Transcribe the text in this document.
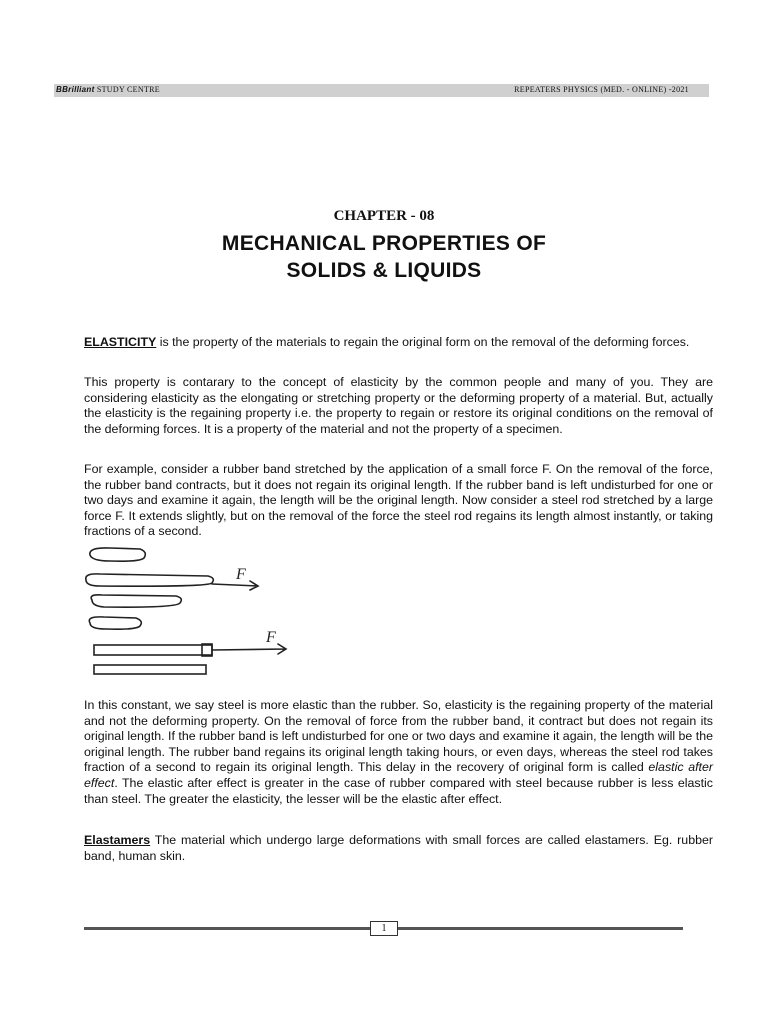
BBrilliant STUDY CENTRE	REPEATERS PHYSICS (MED. - ONLINE) -2021
CHAPTER - 08
MECHANICAL PROPERTIES OF
SOLIDS & LIQUIDS

ELASTICITY is the property of the materials to regain the original form on the removal of the deforming forces.

This property is contarary to the concept of elasticity by the common people and many of you. They are considering elasticity as the elongating or stretching property or the deforming property of a material. But, actually the elasticity is the regaining property i.e. the property to regain or restore its original conditions on the removal of the deforming forces. It is a property of the material and not the property of a specimen.

For example, consider a rubber band stretched by the application of a small force F. On the removal of the force, the rubber band contracts, but it does not regain its original length. If the rubber band is left undisturbed for one or two days and examine it again, the length will be the original length. Now consider a steel rod stretched by a large force F. It extends slightly, but on the removal of the force the steel rod regains its length almost instantly, or taking fractions of a second.

F
F

In this constant, we say steel is more elastic than the rubber. So, elasticity is the regaining property of the material and not the deforming property. On the removal of force from the rubber band, it contract but does not regain its original length. If the rubber band is left undisturbed for one or two days and examine it again, the length will be the original length. The rubber band regains its original length taking hours, or even days, whereas the steel rod takes fraction of a second to regain its original length. This delay in the recovery of original form is called elastic after effect. The elastic after effect is greater in the case of rubber compared with steel because rubber is less elastic than steel. The greater the elasticity, the lesser will be the elastic after effect.

Elastamers The material which undergo large deformations with small forces are called elastamers. Eg. rubber band, human skin.

1
